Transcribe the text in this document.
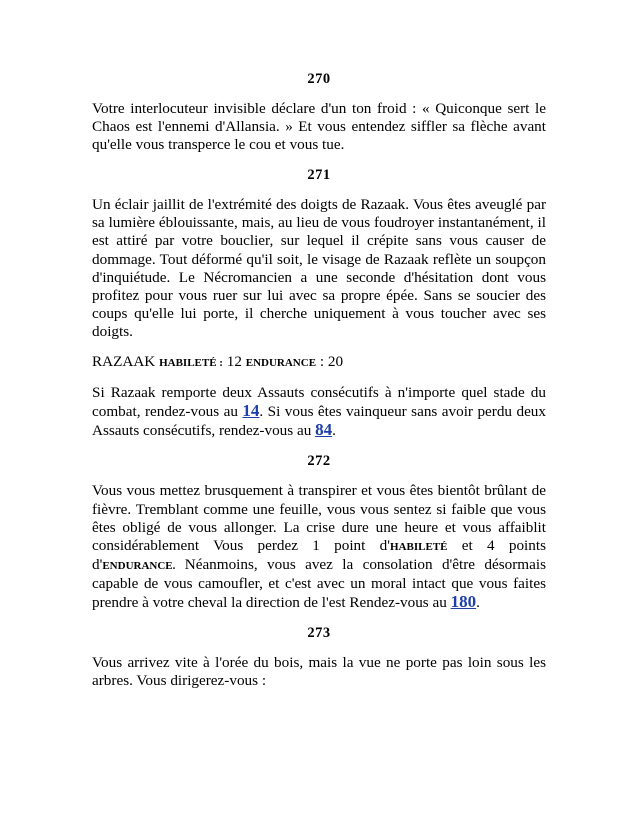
270

Votre interlocuteur invisible déclare d'un ton froid : « Quiconque sert le Chaos est l'ennemi d'Allansia. » Et vous entendez siffler sa flèche avant qu'elle vous transperce le cou et vous tue.

271

Un éclair jaillit de l'extrémité des doigts de Razaak. Vous êtes aveuglé par sa lumière éblouissante, mais, au lieu de vous foudroyer instantanément, il est attiré par votre bouclier, sur lequel il crépite sans vous causer de dommage. Tout déformé qu'il soit, le visage de Razaak reflète un soupçon d'inquiétude. Le Nécromancien a une seconde d'hésitation dont vous profitez pour vous ruer sur lui avec sa propre épée. Sans se soucier des coups qu'elle lui porte, il cherche uniquement à vous toucher avec ses doigts.

RAZAAK HABILETÉ : 12 ENDURANCE : 20

Si Razaak remporte deux Assauts consécutifs à n'importe quel stade du combat, rendez-vous au 14. Si vous êtes vainqueur sans avoir perdu deux Assauts consécutifs, rendez-vous au 84.

272

Vous vous mettez brusquement à transpirer et vous êtes bientôt brûlant de fièvre. Tremblant comme une feuille, vous vous sentez si faible que vous êtes obligé de vous allonger. La crise dure une heure et vous affaiblit considérablement Vous perdez 1 point d'HABILETÉ et 4 points d'ENDURANCE. Néanmoins, vous avez la consolation d'être désormais capable de vous camoufler, et c'est avec un moral intact que vous faites prendre à votre cheval la direction de l'est Rendez-vous au 180.

273

Vous arrivez vite à l'orée du bois, mais la vue ne porte pas loin sous les arbres. Vous dirigerez-vous :
